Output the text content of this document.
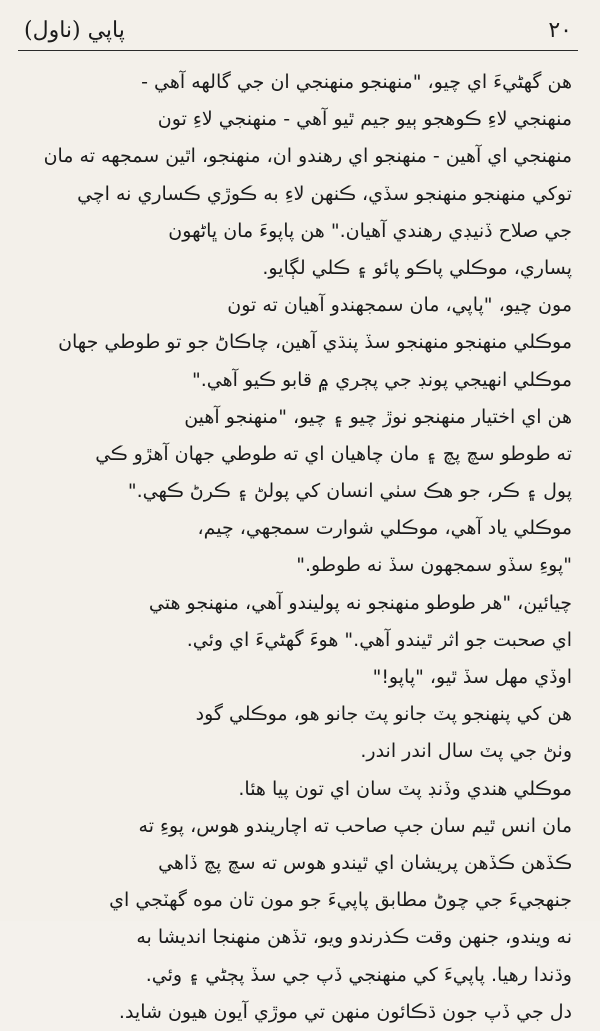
٢٠
پاپي (ناول)
هن گهڻيءَ اي چيو، "منهنجو منهنجي ان جي گالهه آهي -
منهنجي لاءِ ڪوهجو ٻيو جيم ٿيو آهي - منهنجي لاءِ تون
منهنجي اي آهين - منهنجو اي رهندو ان، منهنجو، اٿين سمجهه ته مان
توکي منهنجو منهنجو سڏي، ڪنهن لاءِ به ڪوڙي ڪساري نه اچي
جي صلاح ڏنيڊي رهندي آهيان." هن پاپوءَ مان ڀاڻهون
پساري، موڪلي پاڪو پائو ۽ ڪلي لڳايو.
مون چيو، "پاپي، مان سمجهندو آهيان ته تون
موڪلي منهنجو منهنجو سڏ پنڌي آهين، چاڪاڻ جو تو طوطي جهان
موڪلي انهيجي پونڊ جي پڄري ۾ قابو ڪيو آهي."
هن اي اختيار منهنجو نوڙ چيو ۽ چيو، "منهنجو آهين
ته طوطو سچ پچ ۽ مان چاهيان اي ته طوطي جهان آهڙو ڪي
پول ۽ ڪر، جو هڪ سٺي انسان کي پولڻ ۽ ڪرڻ ڪهي."
موڪلي ياد آهي، موڪلي شوارت سمجهي، چيم،
"پوءِ سڏو سمجهون سڏ نه طوطو."
چيائين، "هر طوطو منهنجو نه پوليندو آهي، منهنجو هتي
اي صحبت جو اثر ٿيندو آهي." هوءَ گهڻيءَ اي وئي.
اوڏي مهل سڏ ٿيو، "پاپو!"
هن کي پنهنجو پٽ جانو پٽ جانو هو، موڪلي گود
وٺڻ جي پٽ سال اندر اندر.
موڪلي هندي وڏنڊ پٽ سان اي تون پيا هئا.
مان انس ٿيم سان جپ صاحب ته اچاريندو هوس، پوءِ ته
ڪڏهن ڪڏهن پريشان اي ٿيندو هوس ته سچ پچ ڏاهي
جنهجيءَ جي چوڻ مطابق پاپيءَ جو مون تان موه گهٽجي اي
نه ويندو، جنهن وقت ڪذرندو ويو، تڏهن منهنجا انديشا به
وڌندا رهيا. پاپيءَ کي منهنجي ڏپ جي سڏ پڄڻي ۽ وئي.
دل جي ڏپ جون ڌڪائون منهن تي موڙي آيون هيون شايد.
